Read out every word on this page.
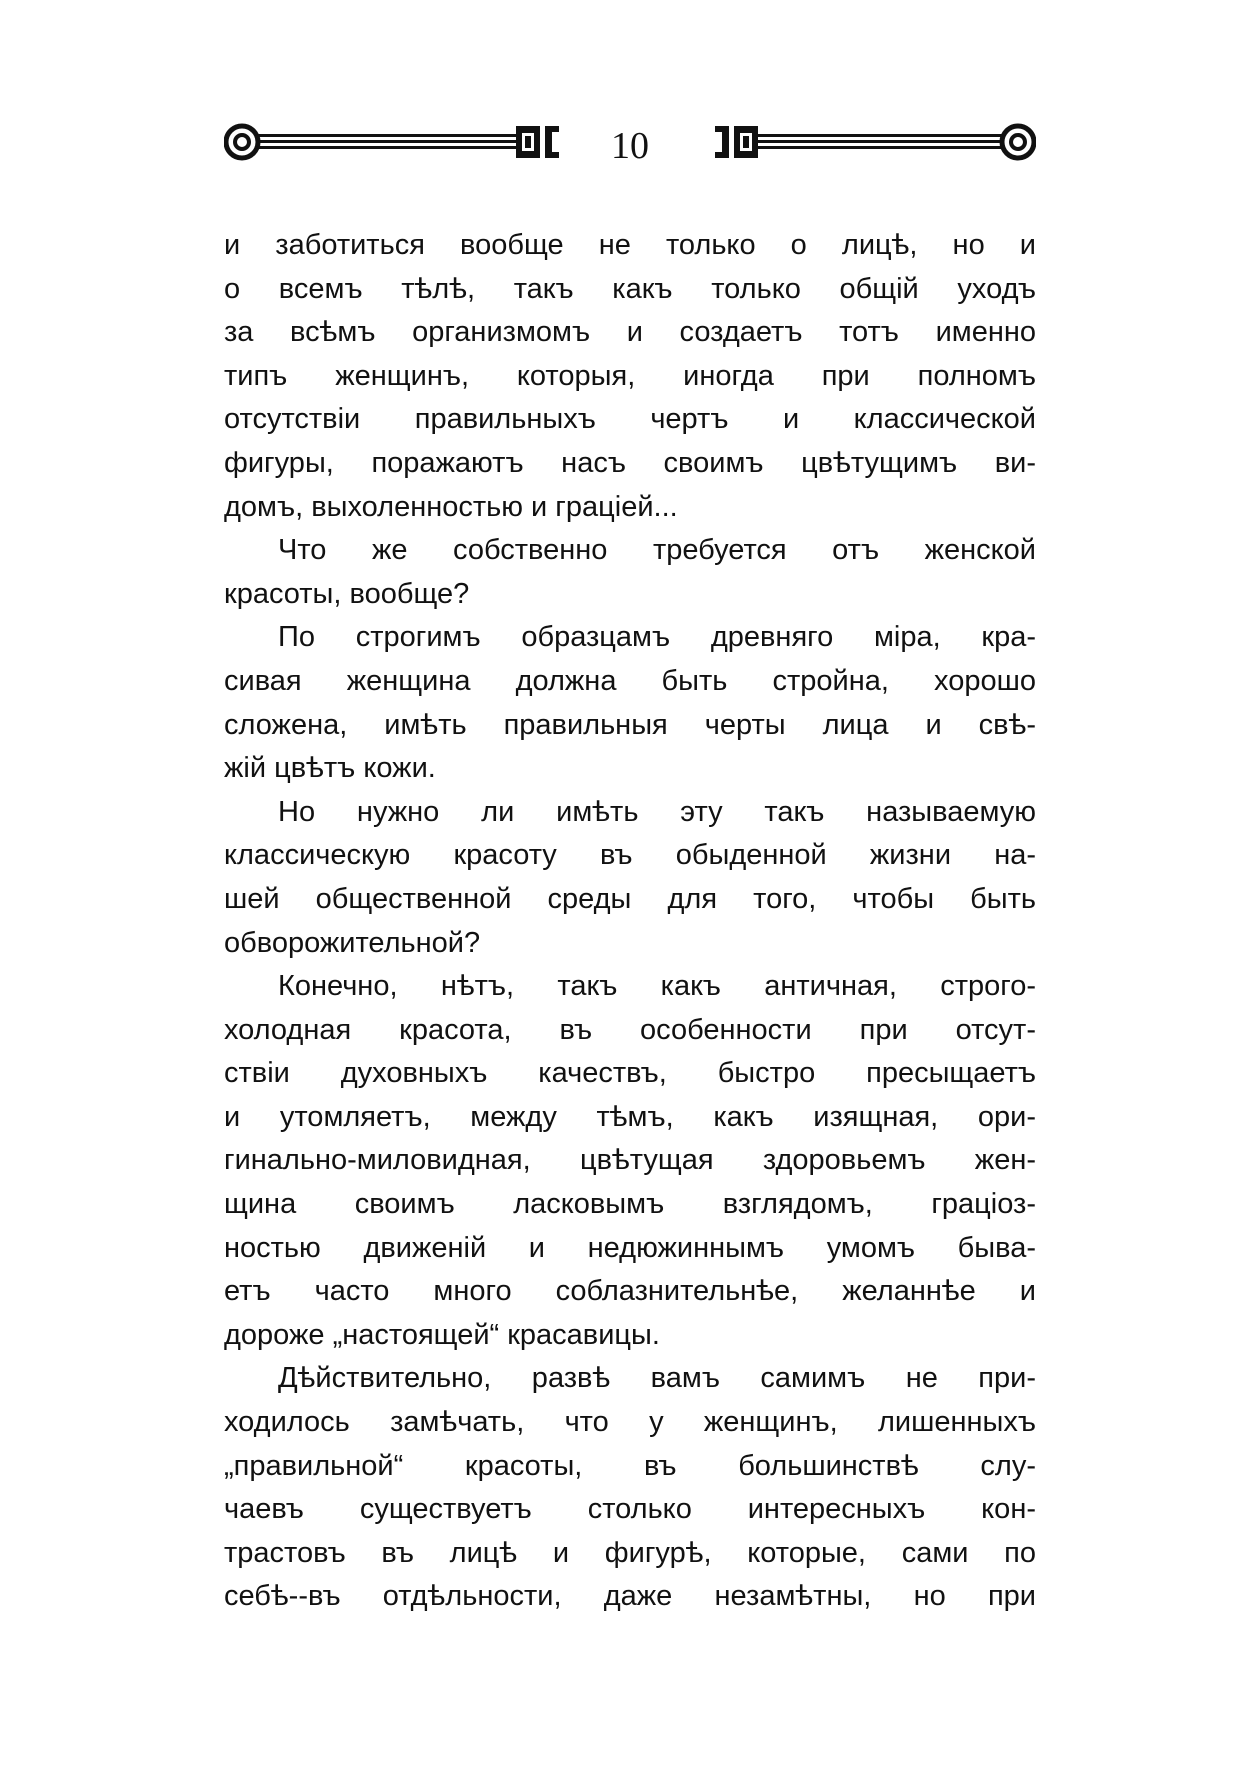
10
и заботиться вообще не только о лицѣ, но и
о всемъ тѣлѣ, такъ какъ только общій уходъ
за всѣмъ организмомъ и создаетъ тотъ именно
типъ женщинъ, которыя, иногда при полномъ
отсутствіи правильныхъ чертъ и классической
фигуры, поражаютъ насъ своимъ цвѣтущимъ ви-
домъ, выхоленностью и граціей...
Что же собственно требуется отъ женской
красоты, вообще?
По строгимъ образцамъ древняго міра, кра-
сивая женщина должна быть стройна, хорошо
сложена, имѣть правильныя черты лица и свѣ-
жій цвѣтъ кожи.
Но нужно ли имѣть эту такъ называемую
классическую красоту въ обыденной жизни на-
шей общественной среды для того, чтобы быть
обворожительной?
Конечно, нѣтъ, такъ какъ античная, строго-
холодная красота, въ особенности при отсут-
ствіи духовныхъ качествъ, быстро пресыщаетъ
и утомляетъ, между тѣмъ, какъ изящная, ори-
гинально-миловидная, цвѣтущая здоровьемъ жен-
щина своимъ ласковымъ взглядомъ, граціоз-
ностью движеній и недюжиннымъ умомъ быва-
етъ часто много соблазнительнѣе, желаннѣе и
дороже „настоящей“ красавицы.
Дѣйствительно, развѣ вамъ самимъ не при-
ходилось замѣчать, что у женщинъ, лишенныхъ
„правильной“ красоты, въ большинствѣ слу-
чаевъ существуетъ столько интересныхъ кон-
трастовъ въ лицѣ и фигурѣ, которые, сами по
себѣ--въ отдѣльности, даже незамѣтны, но при
